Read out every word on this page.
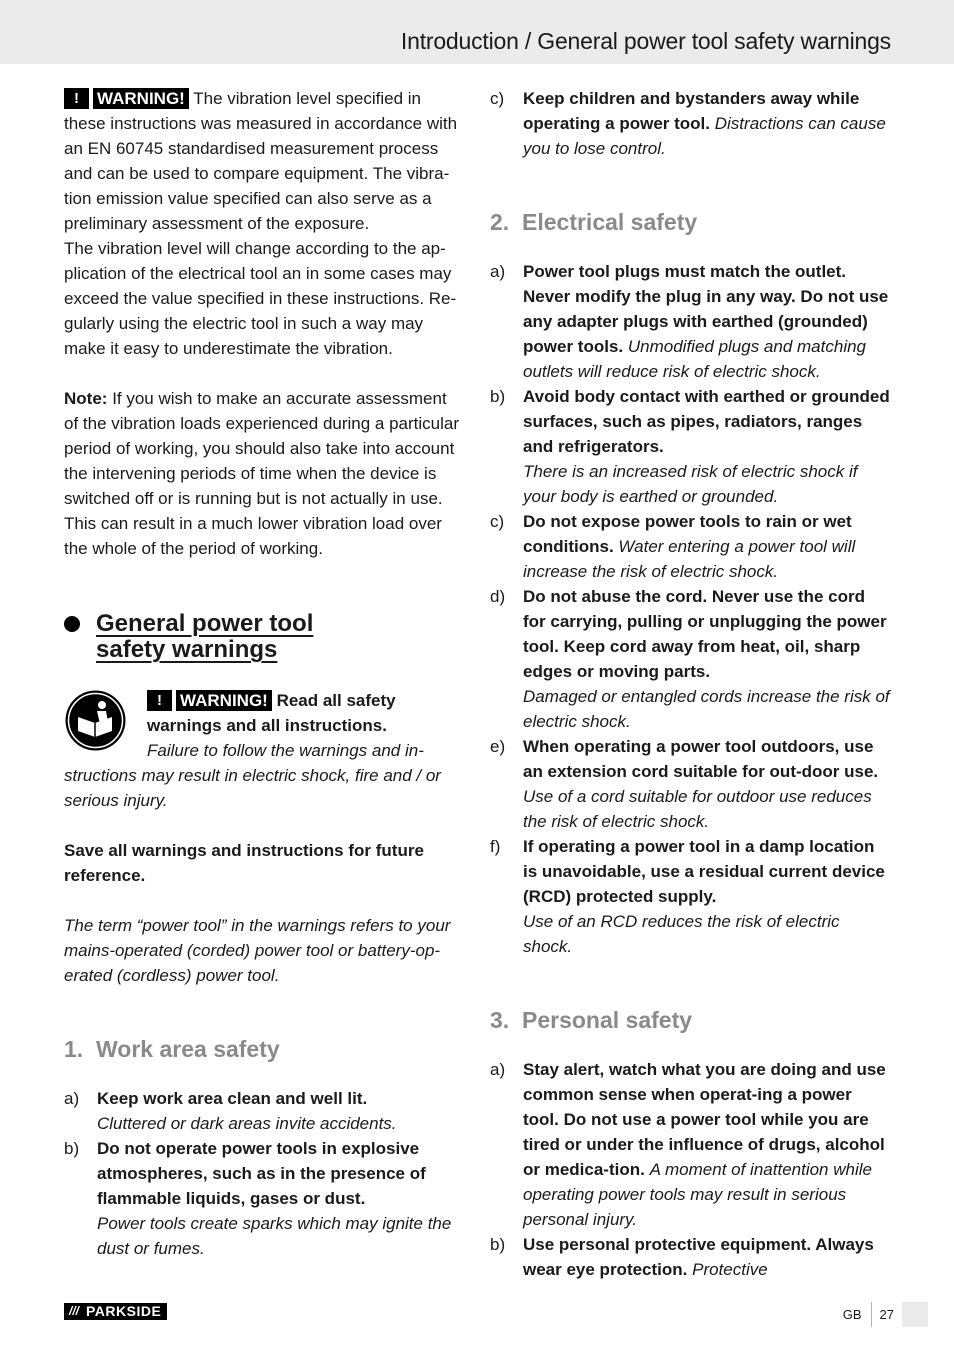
Introduction / General power tool safety warnings

!	WARNING! The vibration level specified in these instructions was measured in accordance with an EN 60745 standardised measurement process and can be used to compare equipment. The vibra-tion emission value specified can also serve as a preliminary assessment of the exposure.

The vibration level will change according to the ap-plication of the electrical tool an in some cases may exceed the value specified in these instructions. Re-gularly using the electric tool in such a way may make it easy to underestimate the vibration.

Note: If you wish to make an accurate assessment of the vibration loads experienced during a particular period of working, you should also take into account the intervening periods of time when the device is switched off or is running but is not actually in use. This can result in a much lower vibration load over the whole of the period of working.

General power tool
safety warnings

!	WARNING! Read all safety warnings and all instructions.

Failure to follow the warnings and in-structions may result in electric shock, fire and / or serious injury.

Save all warnings and instructions for future reference.

The term “power tool” in the warnings refers to your mains-operated (corded) power tool or battery-op-erated (cordless) power tool.

1. Work area safety
a)	Keep work area clean and well lit.
Cluttered or dark areas invite accidents.
b)	Do not operate power tools in explosive atmospheres, such as in the presence of flammable liquids, gases or dust.
Power tools create sparks which may ignite the dust or fumes.
c)	Keep children and bystanders away while operating a power tool. Distractions can cause you to lose control.
2. Electrical safety
a)	Power tool plugs must match the outlet. Never modify the plug in any way. Do not use any adapter plugs with earthed (grounded) power tools. Unmodified plugs and matching outlets will reduce risk of electric shock.
b)	Avoid body contact with earthed or grounded surfaces, such as pipes, radiators, ranges and refrigerators.
There is an increased risk of electric shock if your body is earthed or grounded.
c)	Do not expose power tools to rain or wet conditions. Water entering a power tool will increase the risk of electric shock.
d)	Do not abuse the cord. Never use the cord for carrying, pulling or unplugging the power tool. Keep cord away from heat, oil, sharp edges or moving parts.
Damaged or entangled cords increase the risk of electric shock.
e)	When operating a power tool outdoors, use an extension cord suitable for out-door use. Use of a cord suitable for outdoor use reduces the risk of electric shock.
f)	If operating a power tool in a damp location is unavoidable, use a residual current device (RCD) protected supply.
Use of an RCD reduces the risk of electric shock.
3. Personal safety
a)	Stay alert, watch what you are doing and use common sense when operat-ing a power tool. Do not use a power tool while you are tired or under the influence of drugs, alcohol or medica-tion. A moment of inattention while operating power tools may result in serious personal injury.
b)	Use personal protective equipment. Always wear eye protection. Protective
/// PARKSIDE	GB	27
